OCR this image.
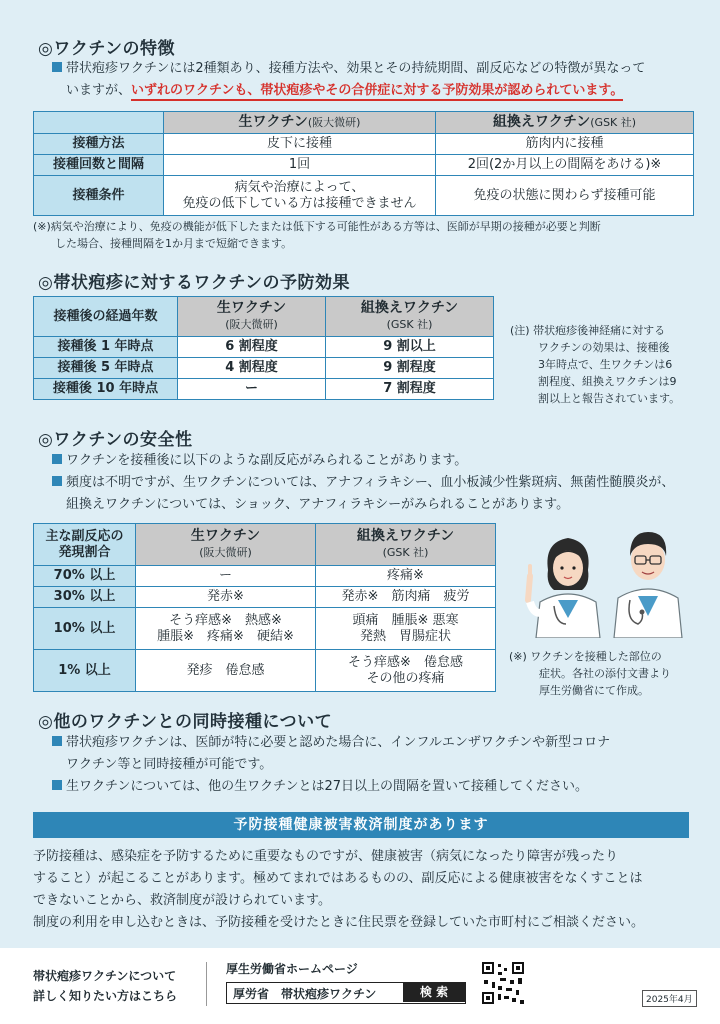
◎ワクチンの特徴
帯状疱疹ワクチンには2種類あり、接種方法や、効果とその持続期間、副反応などの特徴が異なって
いますが、いずれのワクチンも、帯状疱疹やその合併症に対する予防効果が認められています。
	生ワクチン(阪大微研)	組換えワクチン(GSK 社)
接種方法	皮下に接種	筋肉内に接種
接種回数と間隔	1回	2回(2か月以上の間隔をあける)※
接種条件	病気や治療によって、
免疫の低下している方は接種できません	免疫の状態に関わらず接種可能
(※)病気や治療により、免疫の機能が低下したまたは低下する可能性がある方等は、医師が早期の接種が必要と判断
した場合、接種間隔を1か月まで短縮できます。
◎帯状疱疹に対するワクチンの予防効果
接種後の経過年数	生ワクチン
(阪大微研)	組換えワクチン
(GSK 社)
接種後 1 年時点	6 割程度	9 割以上
接種後 5 年時点	4 割程度	9 割程度
接種後 10 年時点	ー	7 割程度
(注) 帯状疱疹後神経痛に対する
ワクチンの効果は、接種後
3年時点で、生ワクチンは6
割程度、組換えワクチンは9
割以上と報告されています。
◎ワクチンの安全性
ワクチンを接種後に以下のような副反応がみられることがあります。
頻度は不明ですが、生ワクチンについては、アナフィラキシー、血小板減少性紫斑病、無菌性髄膜炎が、
組換えワクチンについては、ショック、アナフィラキシーがみられることがあります。
主な副反応の
発現割合	生ワクチン
(阪大微研)	組換えワクチン
(GSK 社)
70% 以上	ー	疼痛※
30% 以上	発赤※	発赤※　筋肉痛　疲労
10% 以上	そう痒感※　熱感※
腫脹※　疼痛※　硬結※	頭痛　腫脹※ 悪寒
発熱　胃腸症状
1% 以上	発疹　倦怠感	そう痒感※　倦怠感
その他の疼痛
(※) ワクチンを接種した部位の
症状。各社の添付文書より
厚生労働省にて作成。
◎他のワクチンとの同時接種について
帯状疱疹ワクチンは、医師が特に必要と認めた場合に、インフルエンザワクチンや新型コロナ
ワクチン等と同時接種が可能です。
生ワクチンについては、他の生ワクチンとは27日以上の間隔を置いて接種してください。
予防接種健康被害救済制度があります
予防接種は、感染症を予防するために重要なものですが、健康被害（病気になったり障害が残ったり
すること）が起こることがあります。極めてまれではあるものの、副反応による健康被害をなくすことは
できないことから、救済制度が設けられています。
制度の利用を申し込むときは、予防接種を受けたときに住民票を登録していた市町村にご相談ください。
帯状疱疹ワクチンについて
詳しく知りたい方はこちら
厚生労働省ホームページ
厚労省　帯状疱疹ワクチン	検 索
2025年4月
